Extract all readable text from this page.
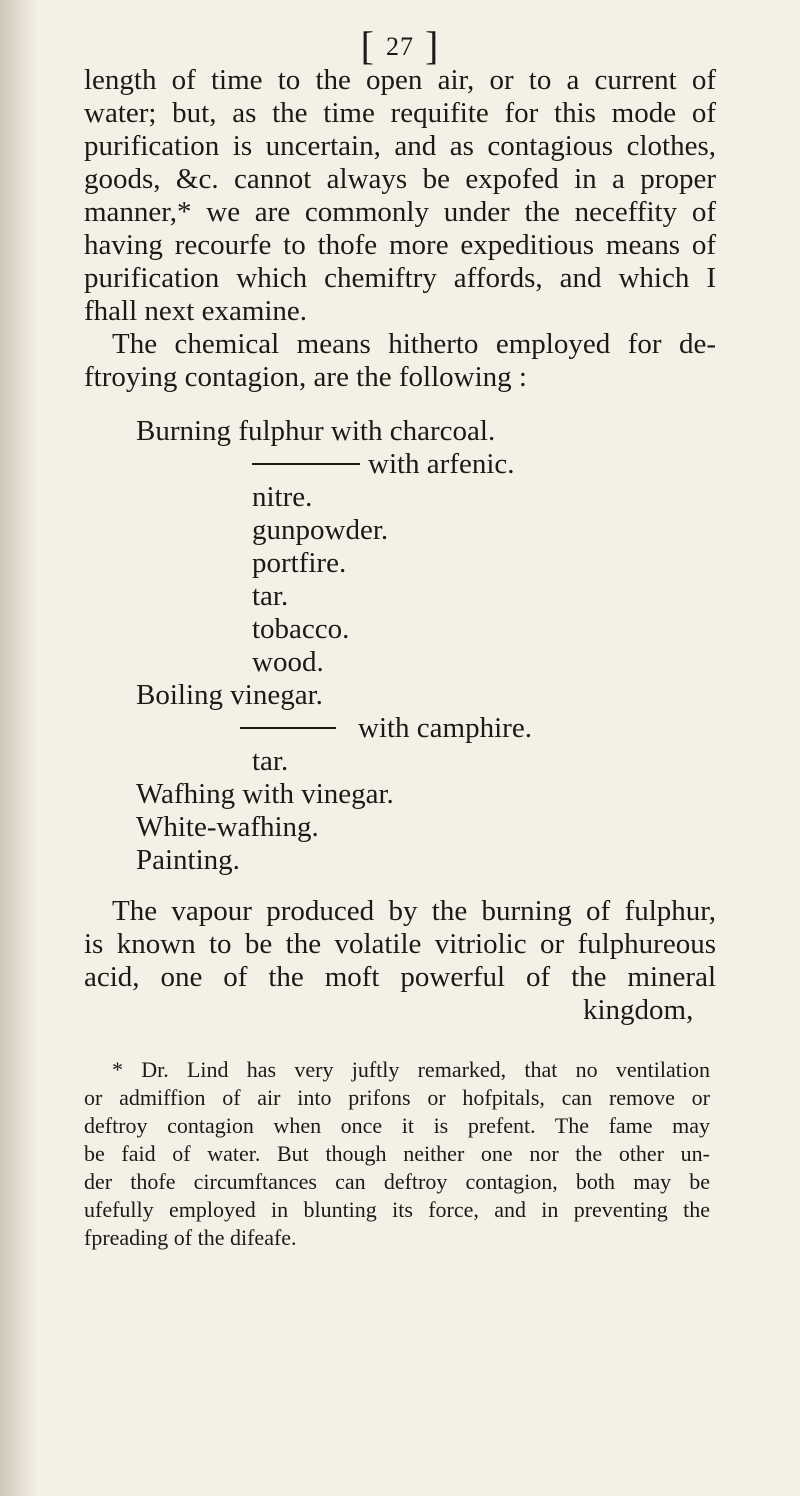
[ $^{27}$ ]
length of time to the open air, or to a current of
water; but, as the time requifite for this mode of
purification is uncertain, and as contagious clothes,
goods, &c. cannot always be expofed in a proper
manner,* we are commonly under the neceffity of
having recourfe to thofe more expeditious means of
purification which chemiftry affords, and which I
fhall next examine.
The chemical means hitherto employed for de-
ftroying contagion, are the following :
Burning fulphur with charcoal.
with arfenic.
nitre.
gunpowder.
portfire.
tar.
tobacco.
wood.
Boiling vinegar.
with camphire.
tar.
Wafhing with vinegar.
White-wafhing.
Painting.
The vapour produced by the burning of fulphur,
is known to be the volatile vitriolic or fulphureous
acid, one of the moft powerful of the mineral
kingdom,
* Dr. Lind has very juftly remarked, that no ventilation
or admiffion of air into prifons or hofpitals, can remove or
deftroy contagion when once it is prefent. The fame may
be faid of water. But though neither one nor the other un-
der thofe circumftances can deftroy contagion, both may be
ufefully employed in blunting its force, and in preventing the
fpreading of the difeafe.
